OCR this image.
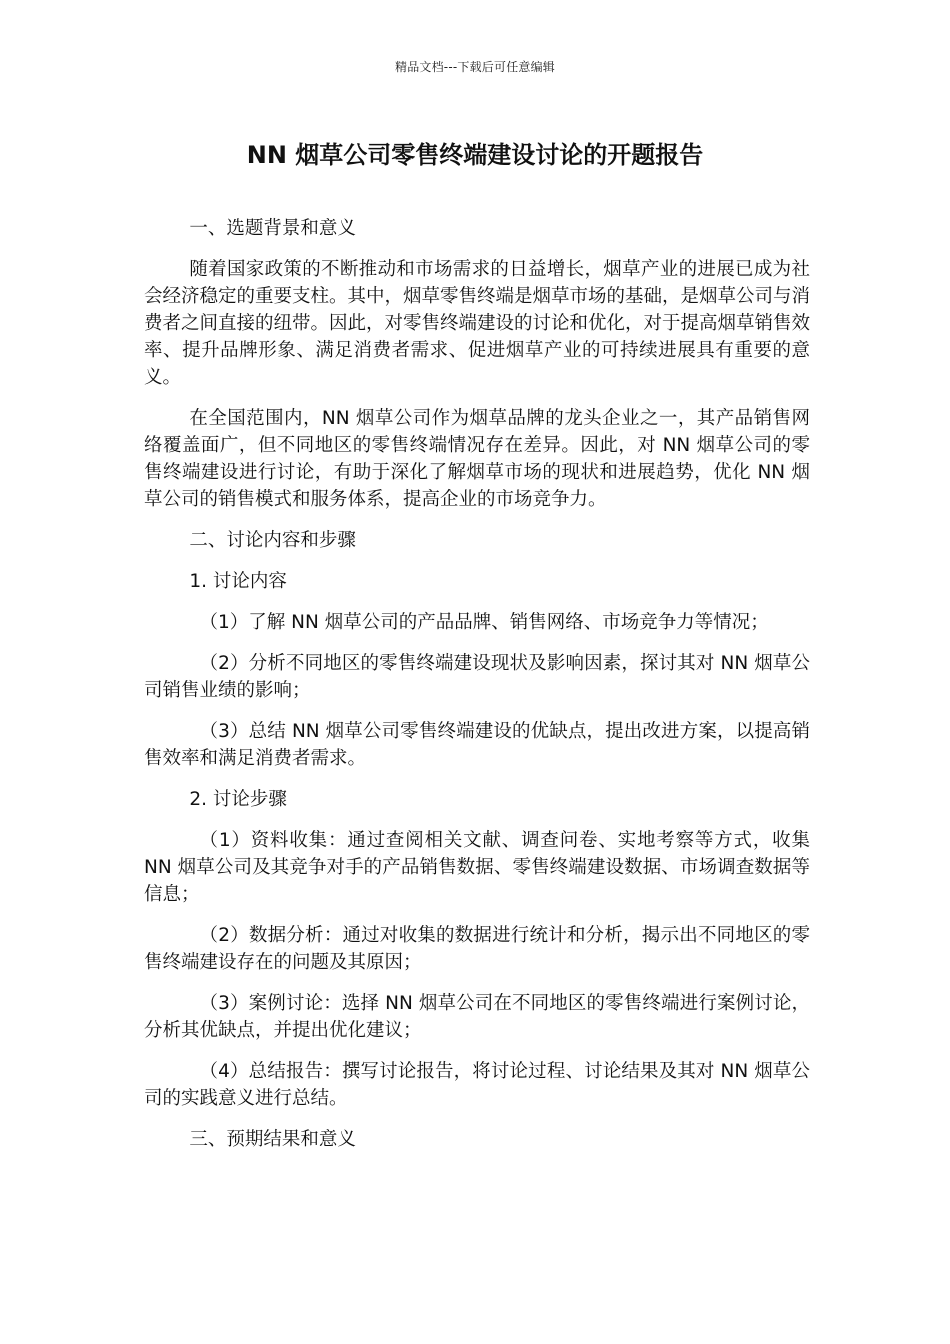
精品文档---下载后可任意编辑
NN 烟草公司零售终端建设讨论的开题报告

一、选题背景和意义

随着国家政策的不断推动和市场需求的日益增长，烟草产业的进展已成为社会经济稳定的重要支柱。其中，烟草零售终端是烟草市场的基础，是烟草公司与消费者之间直接的纽带。因此，对零售终端建设的讨论和优化，对于提高烟草销售效率、提升品牌形象、满足消费者需求、促进烟草产业的可持续进展具有重要的意义。

在全国范围内，NN 烟草公司作为烟草品牌的龙头企业之一，其产品销售网络覆盖面广，但不同地区的零售终端情况存在差异。因此，对 NN 烟草公司的零售终端建设进行讨论，有助于深化了解烟草市场的现状和进展趋势，优化 NN 烟草公司的销售模式和服务体系，提高企业的市场竞争力。

二、讨论内容和步骤

1. 讨论内容

（1）了解 NN 烟草公司的产品品牌、销售网络、市场竞争力等情况；

（2）分析不同地区的零售终端建设现状及影响因素，探讨其对 NN 烟草公司销售业绩的影响；

（3）总结 NN 烟草公司零售终端建设的优缺点，提出改进方案，以提高销售效率和满足消费者需求。

2. 讨论步骤

（1）资料收集：通过查阅相关文献、调查问卷、实地考察等方式，收集 NN 烟草公司及其竞争对手的产品销售数据、零售终端建设数据、市场调查数据等信息；

（2）数据分析：通过对收集的数据进行统计和分析，揭示出不同地区的零售终端建设存在的问题及其原因；

（3）案例讨论：选择 NN 烟草公司在不同地区的零售终端进行案例讨论，分析其优缺点，并提出优化建议；

（4）总结报告：撰写讨论报告，将讨论过程、讨论结果及其对 NN 烟草公司的实践意义进行总结。

三、预期结果和意义
